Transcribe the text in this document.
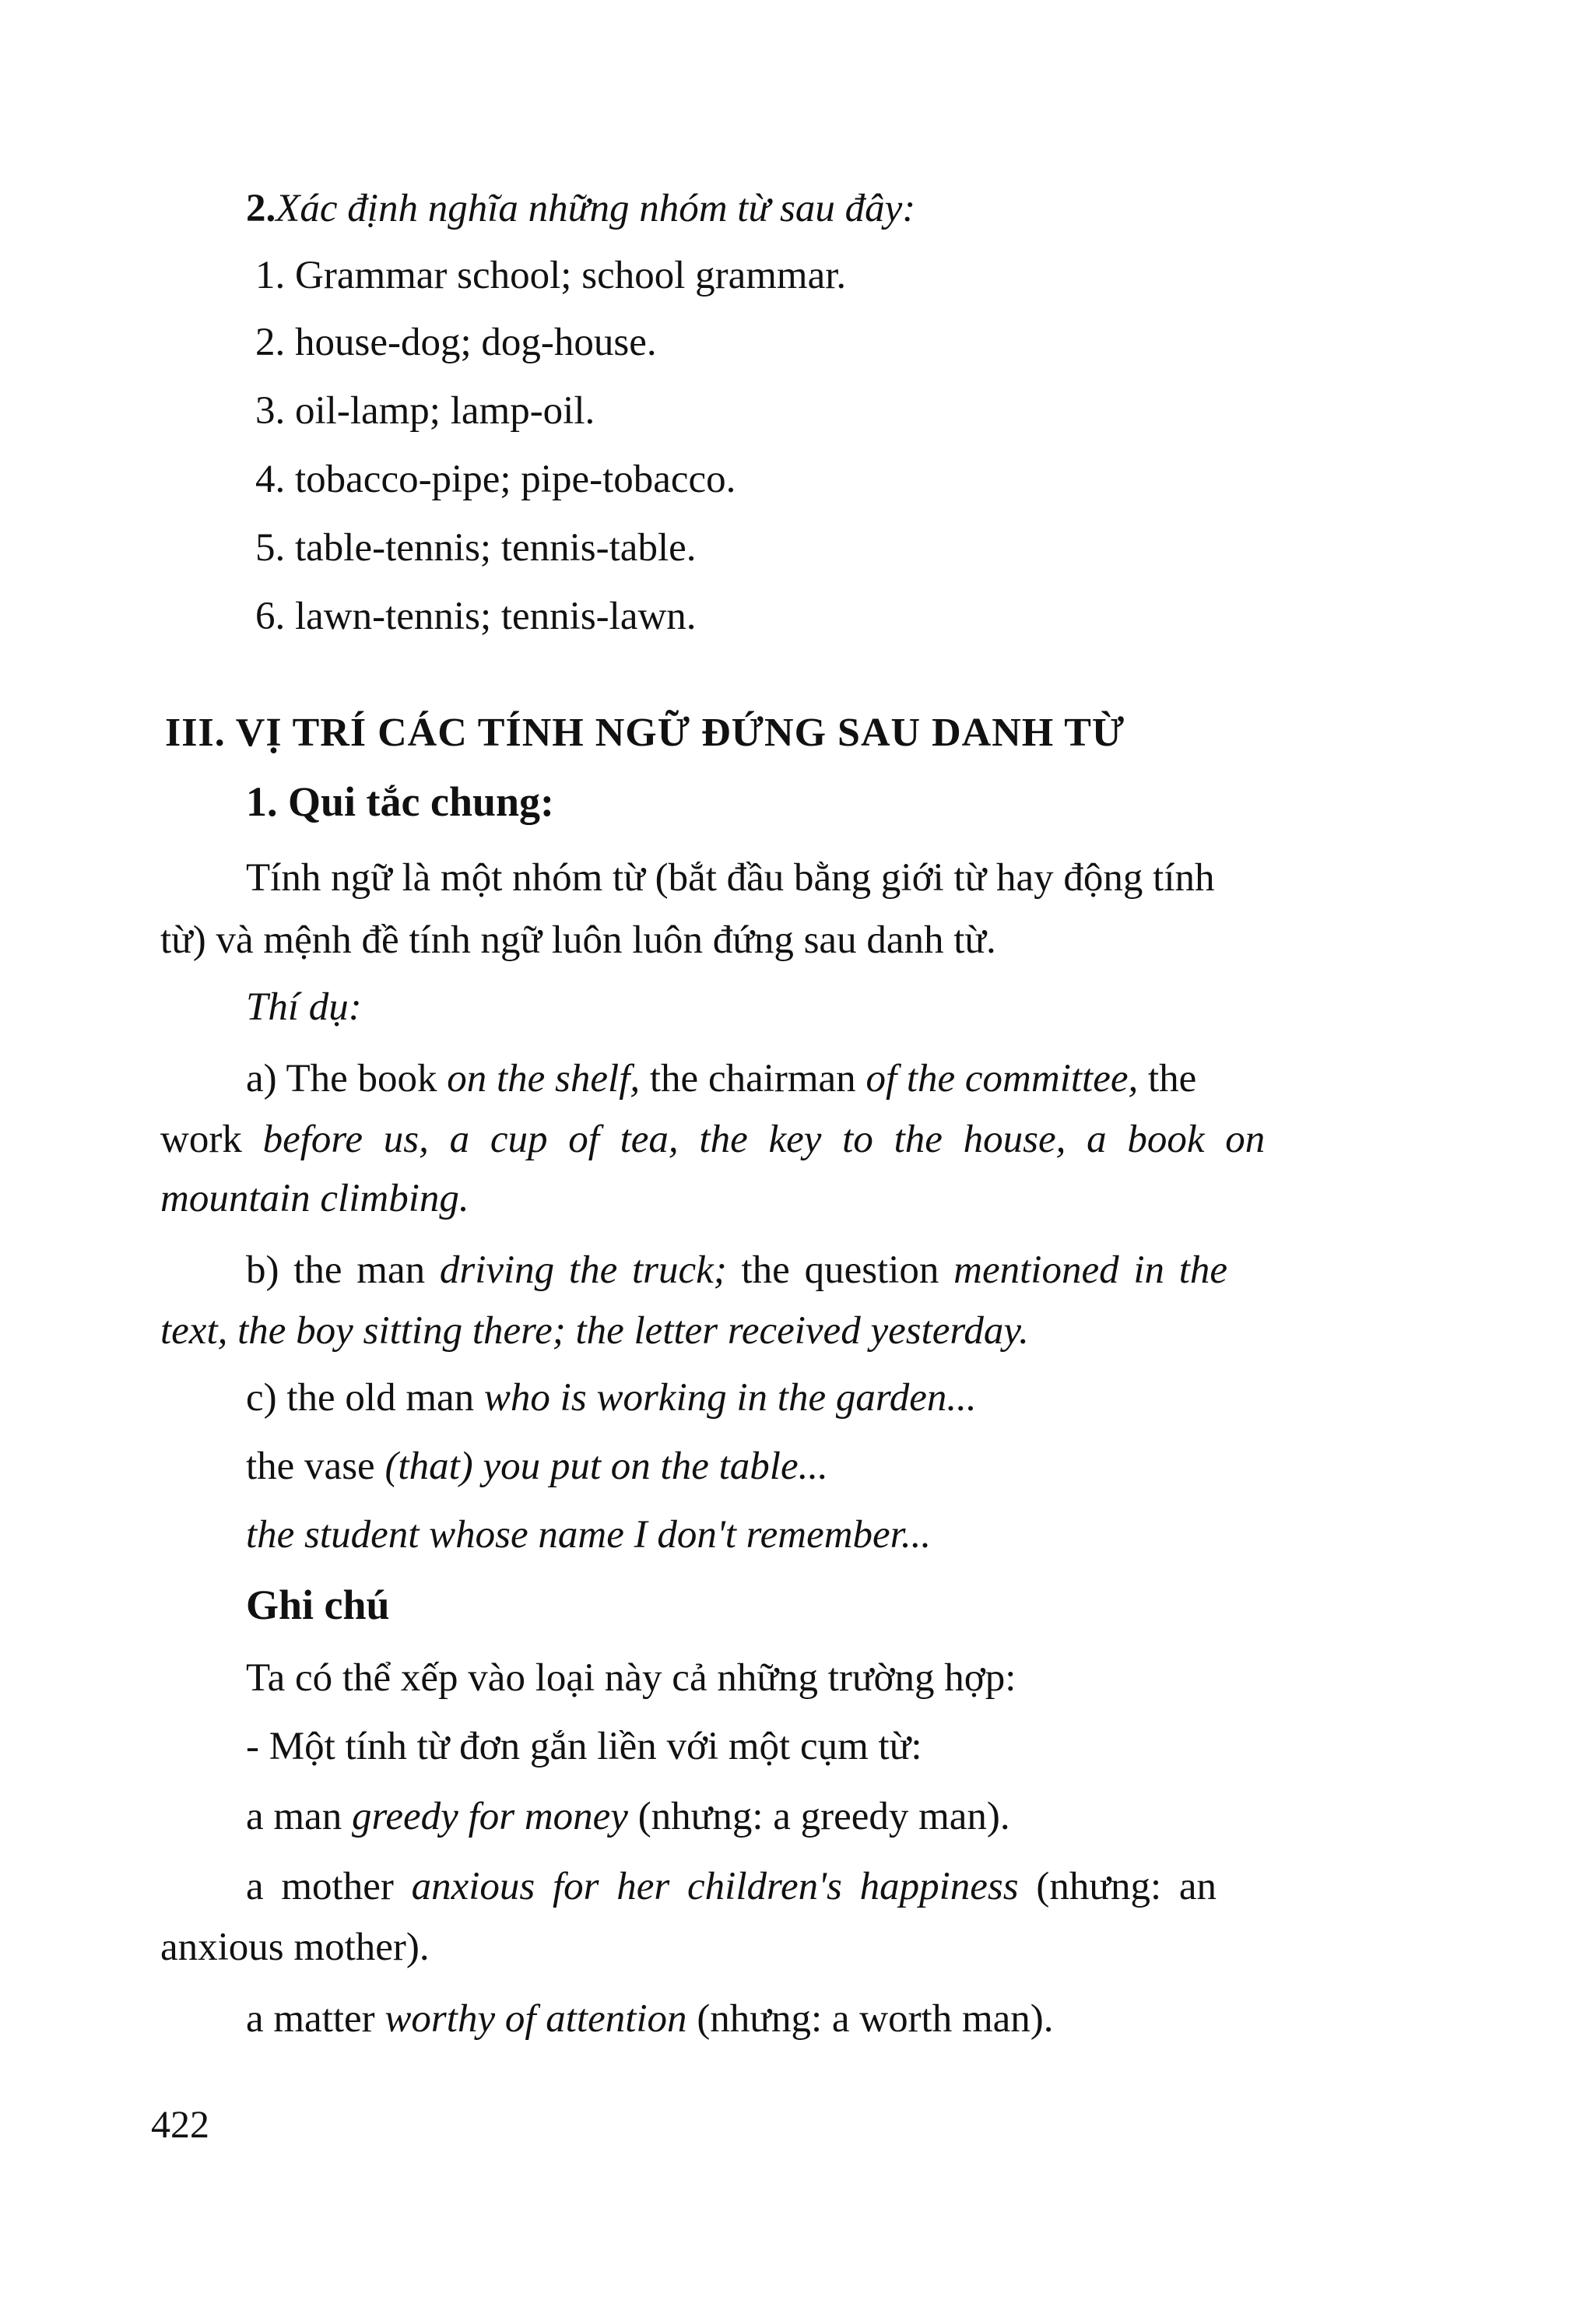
2.Xác định nghĩa những nhóm từ sau đây:
1. Grammar school; school grammar.
2. house-dog; dog-house.
3. oil-lamp; lamp-oil.
4. tobacco-pipe; pipe-tobacco.
5. table-tennis; tennis-table.
6. lawn-tennis; tennis-lawn.
III. VỊ TRÍ CÁC TÍNH NGỮ ĐỨNG SAU DANH TỪ
1. Qui tắc chung:
Tính ngữ là một nhóm từ (bắt đầu bằng giới từ hay động tính
từ) và mệnh đề tính ngữ luôn luôn đứng sau danh từ.
Thí dụ:
a) The book on the shelf, the chairman of the committee, the
work before us, a cup of tea, the key to the house, a book on
mountain climbing.
b) the man driving the truck; the question mentioned in the
text, the boy sitting there; the letter received yesterday.
c) the old man who is working in the garden...
the vase (that) you put on the table...
the student whose name I don't remember...
Ghi chú
Ta có thể xếp vào loại này cả những trường hợp:
- Một tính từ đơn gắn liền với một cụm từ:
a man greedy for money (nhưng: a greedy man).
a mother anxious for her children's happiness (nhưng: an
anxious mother).
a matter worthy of attention (nhưng: a worth man).
422
